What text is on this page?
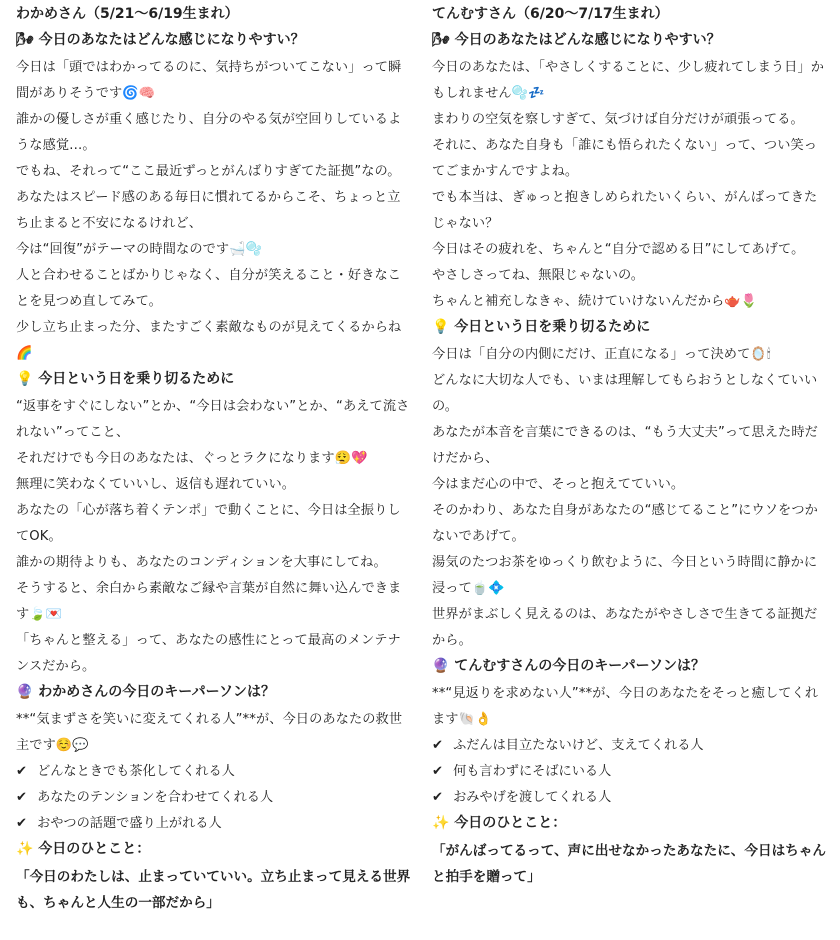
わかめさん（5/21〜6/19生まれ）
🌬 今日のあなたはどんな感じになりやすい？

今日は「頭ではわかってるのに、気持ちがついてこない」って瞬間がありそうです🌀🧠

誰かの優しさが重く感じたり、自分のやる気が空回りしているような感覚…。

でもね、それって“ここ最近ずっとがんばりすぎてた証拠”なの。

あなたはスピード感のある毎日に慣れてるからこそ、ちょっと立ち止まると不安になるけれど、

今は“回復”がテーマの時間なのです🛁🫧

人と合わせることばかりじゃなく、自分が笑えること・好きなことを見つめ直してみて。

少し立ち止まった分、またすごく素敵なものが見えてくるからね🌈

💡 今日という日を乗り切るために

“返事をすぐにしない”とか、“今日は会わない”とか、“あえて流されない”ってこと、

それだけでも今日のあなたは、ぐっとラクになります😮‍💨💖

無理に笑わなくていいし、返信も遅れていい。

あなたの「心が落ち着くテンポ」で動くことに、今日は全振りしてOK。

誰かの期待よりも、あなたのコンディションを大事にしてね。

そうすると、余白から素敵なご縁や言葉が自然に舞い込んできます🍃💌

「ちゃんと整える」って、あなたの感性にとって最高のメンテナンスだから。

🔮 わかめさんの今日のキーパーソンは？

**“気まずさを笑いに変えてくれる人”**が、今日のあなたの救世主です☺️💬

✔ どんなときでも茶化してくれる人
✔ あなたのテンションを合わせてくれる人
✔ おやつの話題で盛り上がれる人
✨ 今日のひとこと：

「今日のわたしは、止まっていていい。立ち止まって見える世界も、ちゃんと人生の一部だから」

てんむすさん（6/20〜7/17生まれ）
🌬 今日のあなたはどんな感じになりやすい？

今日のあなたは、「やさしくすることに、少し疲れてしまう日」かもしれません🫧💤

まわりの空気を察しすぎて、気づけば自分だけが頑張ってる。

それに、あなた自身も「誰にも悟られたくない」って、つい笑ってごまかすんですよね。

でも本当は、ぎゅっと抱きしめられたいくらい、がんばってきたじゃない？

今日はその疲れを、ちゃんと“自分で認める日”にしてあげて。

やさしさってね、無限じゃないの。

ちゃんと補充しなきゃ、続けていけないんだから🫖🌷

💡 今日という日を乗り切るために

今日は「自分の内側にだけ、正直になる」って決めて🪞🕯

どんなに大切な人でも、いまは理解してもらおうとしなくていいの。

あなたが本音を言葉にできるのは、“もう大丈夫”って思えた時だけだから、

今はまだ心の中で、そっと抱えてていい。

そのかわり、あなた自身があなたの“感じてること”にウソをつかないであげて。

湯気のたつお茶をゆっくり飲むように、今日という時間に静かに浸って🍵💠

世界がまぶしく見えるのは、あなたがやさしさで生きてる証拠だから。

🔮 てんむすさんの今日のキーパーソンは？

**“見返りを求めない人”**が、今日のあなたをそっと癒してくれます🐚👌

✔ ふだんは目立たないけど、支えてくれる人
✔ 何も言わずにそばにいる人
✔ おみやげを渡してくれる人
✨ 今日のひとこと：

「がんばってるって、声に出せなかったあなたに、今日はちゃんと拍手を贈って」
